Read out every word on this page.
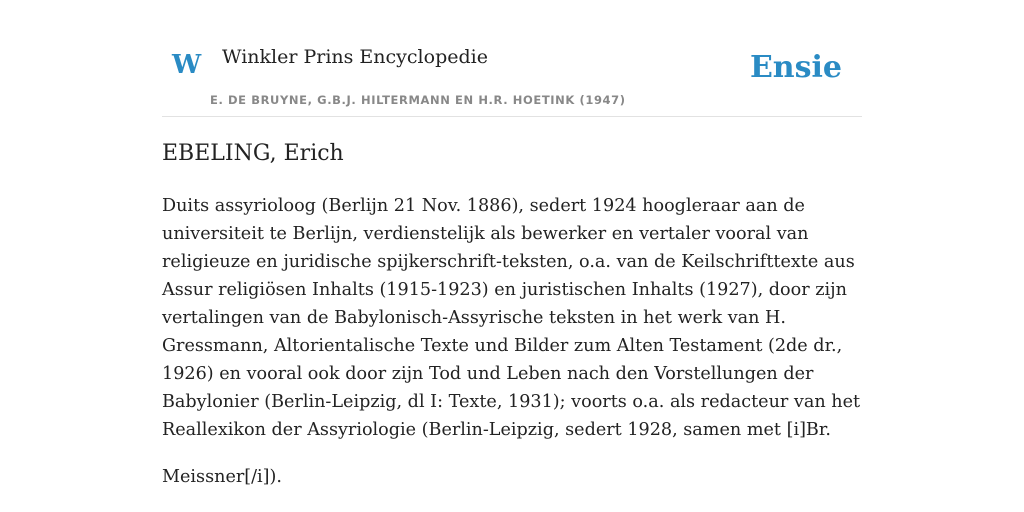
W Winkler Prins Encyclopedie
E. DE BRUYNE, G.B.J. HILTERMANN EN H.R. HOETINK (1947)
Ensie
EBELING, Erich

Duits assyrioloog (Berlijn 21 Nov. 1886), sedert 1924 hoogleraar aan de universiteit te Berlijn, verdienstelijk als bewerker en vertaler vooral van religieuze en juridische spijkerschrift-teksten, o.a. van de Keilschrifttexte aus Assur religiösen Inhalts (1915-1923) en juristischen Inhalts (1927), door zijn vertalingen van de Babylonisch-Assyrische teksten in het werk van H. Gressmann, Altorientalische Texte und Bilder zum Alten Testament (2de dr., 1926) en vooral ook door zijn Tod und Leben nach den Vorstellungen der Babylonier (Berlin-Leipzig, dl I: Texte, 1931); voorts o.a. als redacteur van het Reallexikon der Assyriologie (Berlin-Leipzig, sedert 1928, samen met [i]Br.

Meissner[/i]).
